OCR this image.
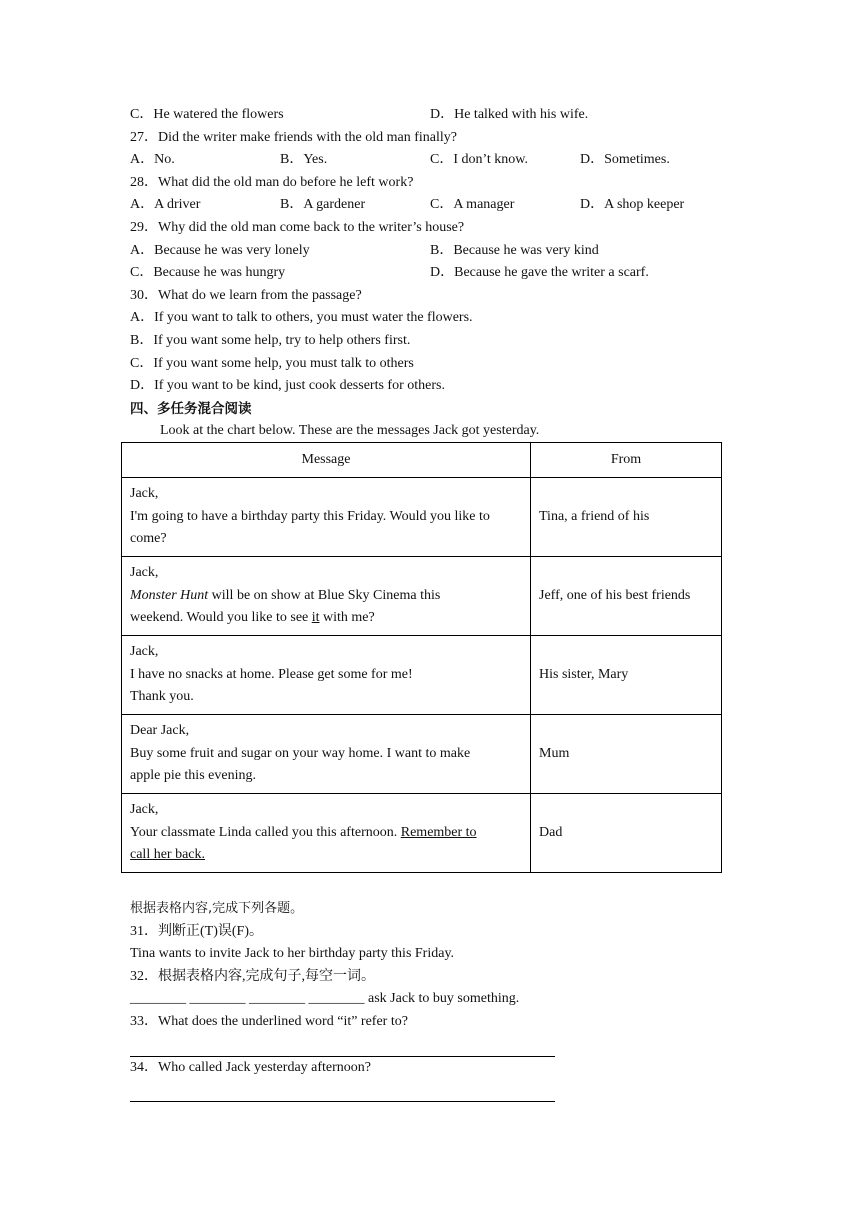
C．He watered the flowers	D．He talked with his wife.
27．Did the writer make friends with the old man finally?
A．No.	B．Yes.	C．I don’t know.	D．Sometimes.
28．What did the old man do before he left work?
A．A driver	B．A gardener	C．A manager	D．A shop keeper
29．Why did the old man come back to the writer’s house?
A．Because he was very lonely	B．Because he was very kind
C．Because he was hungry	D．Because he gave the writer a scarf.
30．What do we learn from the passage?
A．If you want to talk to others, you must water the flowers.
B．If you want some help, try to help others first.
C．If you want some help, you must talk to others
D．If you want to be kind, just cook desserts for others.
四、多任务混合阅读
Look at the chart below. These are the messages Jack got yesterday.
Message	From

Jack,
I'm going to have a birthday party this Friday. Would you like to
come?	Tina, a friend of his

Jack,
Monster Hunt will be on show at Blue Sky Cinema this
weekend. Would you like to see it with me?	Jeff, one of his best friends

Jack,
I have no snacks at home. Please get some for me!
Thank you.	His sister, Mary

Dear Jack,
Buy some fruit and sugar on your way home. I want to make
apple pie this evening.	Mum

Jack,
Your classmate Linda called you this afternoon. Remember to
call her back.	Dad
根据表格内容,完成下列各题。
31．判断正(T)误(F)。
Tina wants to invite Jack to her birthday party this Friday.
32．根据表格内容,完成句子,每空一词。
________ ________ ________ ________ ask Jack to buy something.
33．What does the underlined word “it” refer to?
34．Who called Jack yesterday afternoon?
